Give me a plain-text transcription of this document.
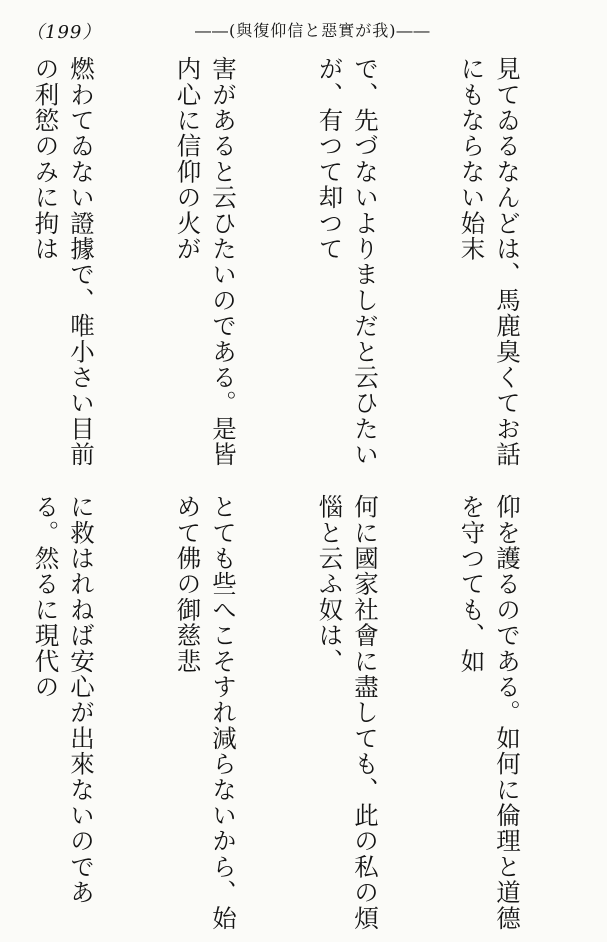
（199）	――(與復仰信と惡實が我)――

見てゐるなんどは、馬鹿臭くてお話にもならない始末

で、先づないよりましだと云ひたいが、有つて却つて

害があると云ひたいのである。是皆内心に信仰の火が

燃わてゐない證據で、唯小さい目前の利慾のみに拘は

仰を護るのである。如何に倫理と道德を守つても、如

何に國家社會に盡しても、此の私の煩惱と云ふ奴は、

とても些へこそすれ減らないから、始めて佛の御慈悲

に救はれねば安心が出來ないのである。然るに現代の
